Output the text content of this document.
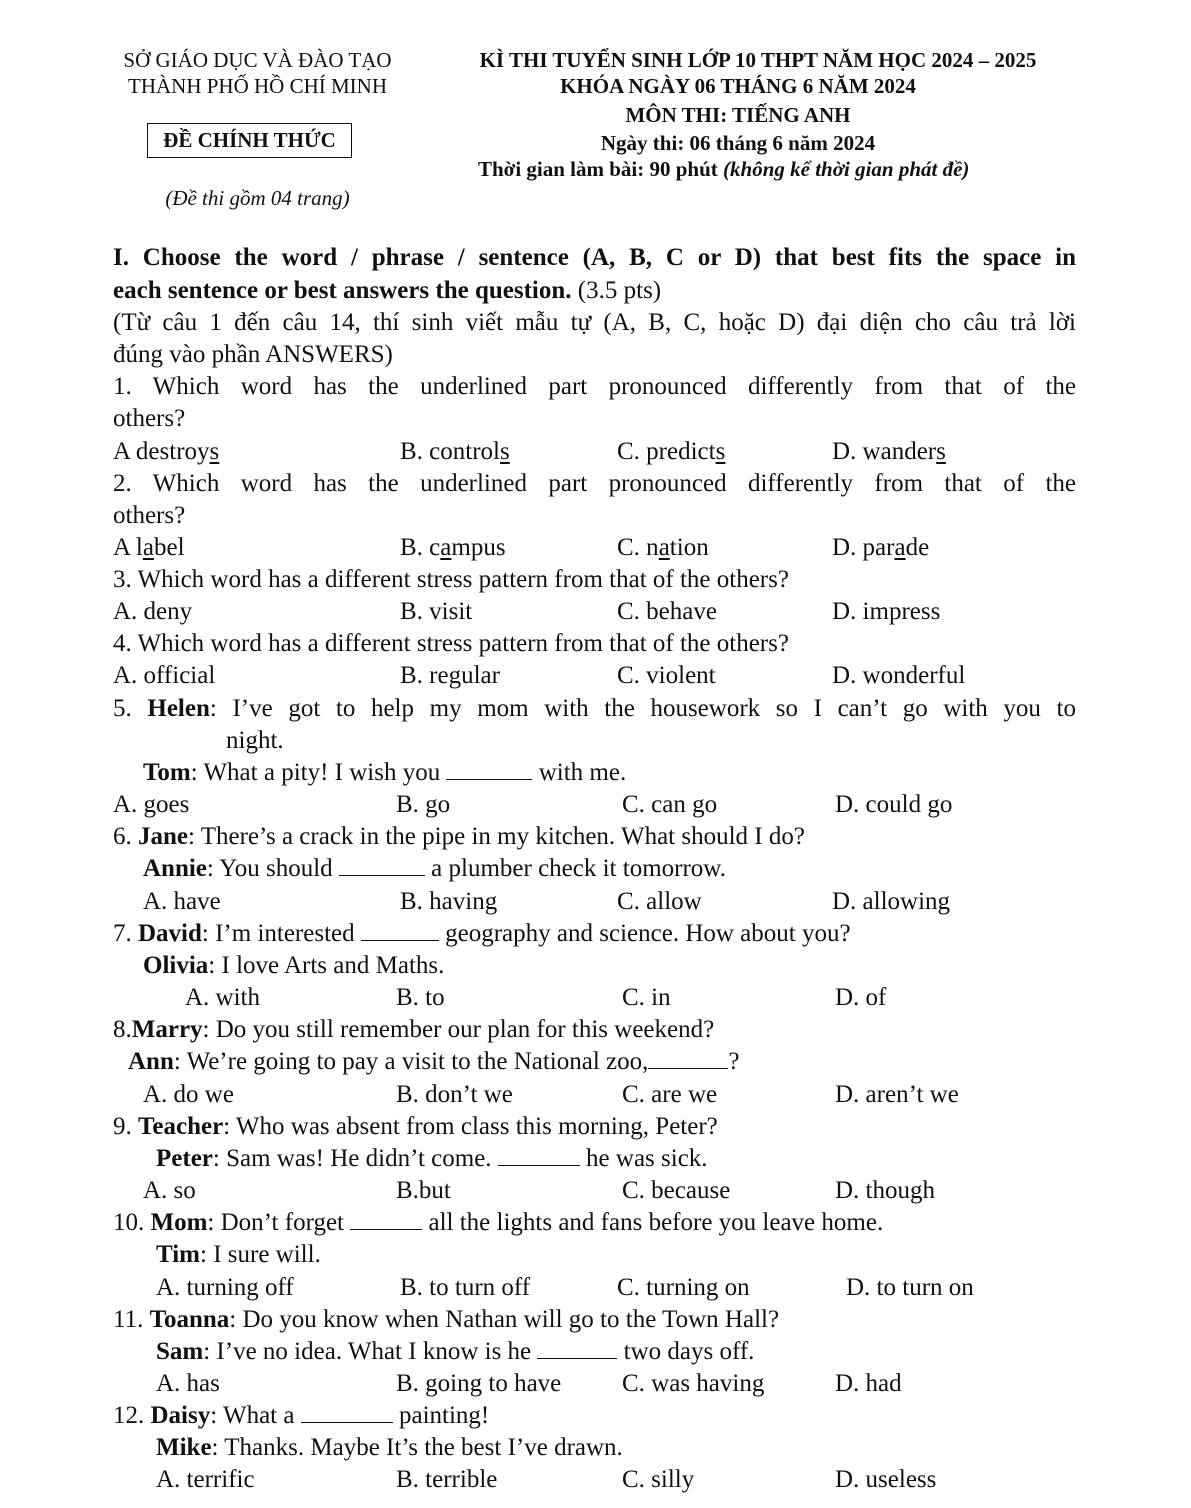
SỞ GIÁO DỤC VÀ ĐÀO TẠO
THÀNH PHỐ HỒ CHÍ MINH
ĐỀ CHÍNH THỨC
(Đề thi gồm 04 trang)
KÌ THI TUYỂN SINH LỚP 10 THPT NĂM HỌC 2024 – 2025
KHÓA NGÀY 06 THÁNG 6 NĂM 2024
MÔN THI: TIẾNG ANH
Ngày thi: 06 tháng 6 năm 2024
Thời gian làm bài: 90 phút (không kể thời gian phát đề)
I. Choose the word / phrase / sentence (A, B, C or D) that best fits the space in
each sentence or best answers the question. (3.5 pts)
(Từ câu 1 đến câu 14, thí sinh viết mẫu tự (A, B, C, hoặc D) đại diện cho câu trả lời
đúng vào phần ANSWERS)
1. Which word has the underlined part pronounced differently from that of the
others?
A destroys	B. controls	C. predicts	D. wanders
2. Which word has the underlined part pronounced differently from that of the
others?
A label	B. campus	C. nation	D. parade
3. Which word has a different stress pattern from that of the others?
A. deny	B. visit	C. behave	D. impress
4. Which word has a different stress pattern from that of the others?
A. official	B. regular	C. violent	D. wonderful
5. Helen: I’ve got to help my mom with the housework so I can’t go with you to
night.
Tom: What a pity! I wish you	with me.
A. goes	B. go	C. can go	D. could go
6. Jane: There’s a crack in the pipe in my kitchen. What should I do?
Annie: You should	a plumber check it tomorrow.
A. have	B. having	C. allow	D. allowing
7. David: I’m interested	geography and science. How about you?
Olivia: I love Arts and Maths.
A. with	B. to	C. in	D. of
8.Marry: Do you still remember our plan for this weekend?
Ann: We’re going to pay a visit to the National zoo,	?
A. do we	B. don’t we	C. are we	D. aren’t we
9. Teacher: Who was absent from class this morning, Peter?
Peter: Sam was! He didn’t come.	he was sick.
A. so	B.but	C. because	D. though
10. Mom: Don’t forget	all the lights and fans before you leave home.
Tim: I sure will.
A. turning off	B. to turn off	C. turning on	D. to turn on
11. Toanna: Do you know when Nathan will go to the Town Hall?
Sam: I’ve no idea. What I know is he	two days off.
A. has	B. going to have C. was having	D. had
12. Daisy: What a	painting!
Mike: Thanks. Maybe It’s the best I’ve drawn.
A. terrific	B. terrible	C. silly	D. useless
